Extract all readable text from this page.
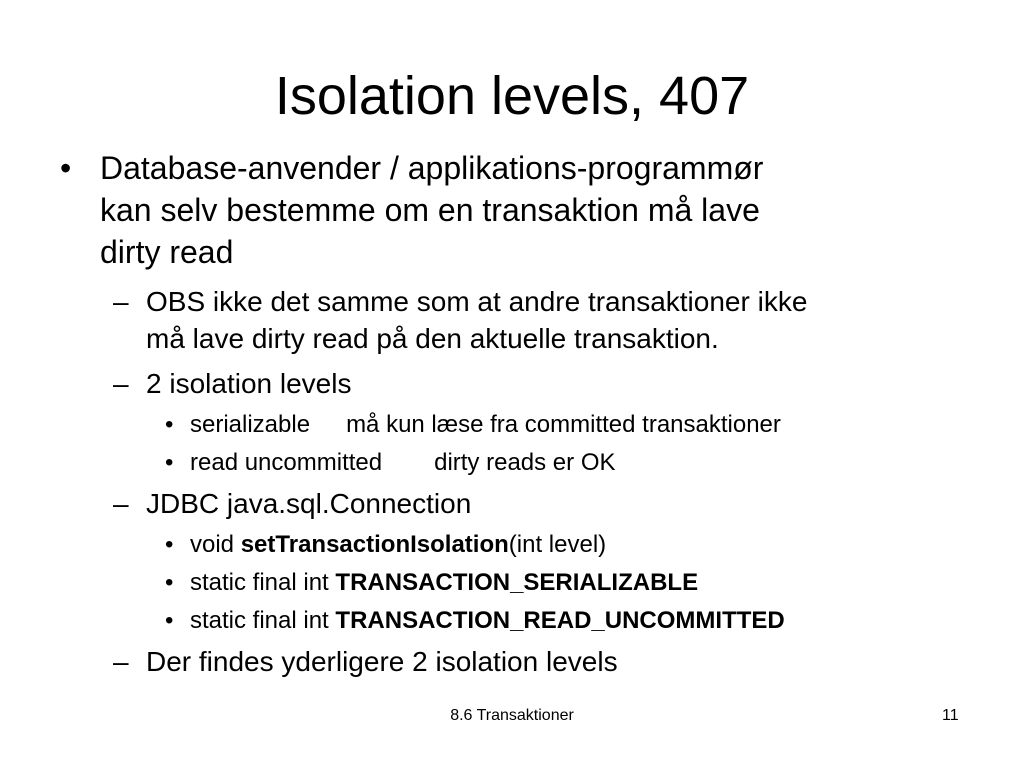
Isolation levels, 407
• Database-anvender / applikations-programmør
kan selv bestemme om en transaktion må lave
dirty read
– OBS ikke det samme som at andre transaktioner ikke
må lave dirty read på den aktuelle transaktion.
– 2 isolation levels
• serializable må kun læse fra committed transaktioner
• read uncommitted dirty reads er OK
– JDBC java.sql.Connection
• void setTransactionIsolation(int level)
• static final int TRANSACTION_SERIALIZABLE
• static final int TRANSACTION_READ_UNCOMMITTED
– Der findes yderligere 2 isolation levels
8.6 Transaktioner	11
